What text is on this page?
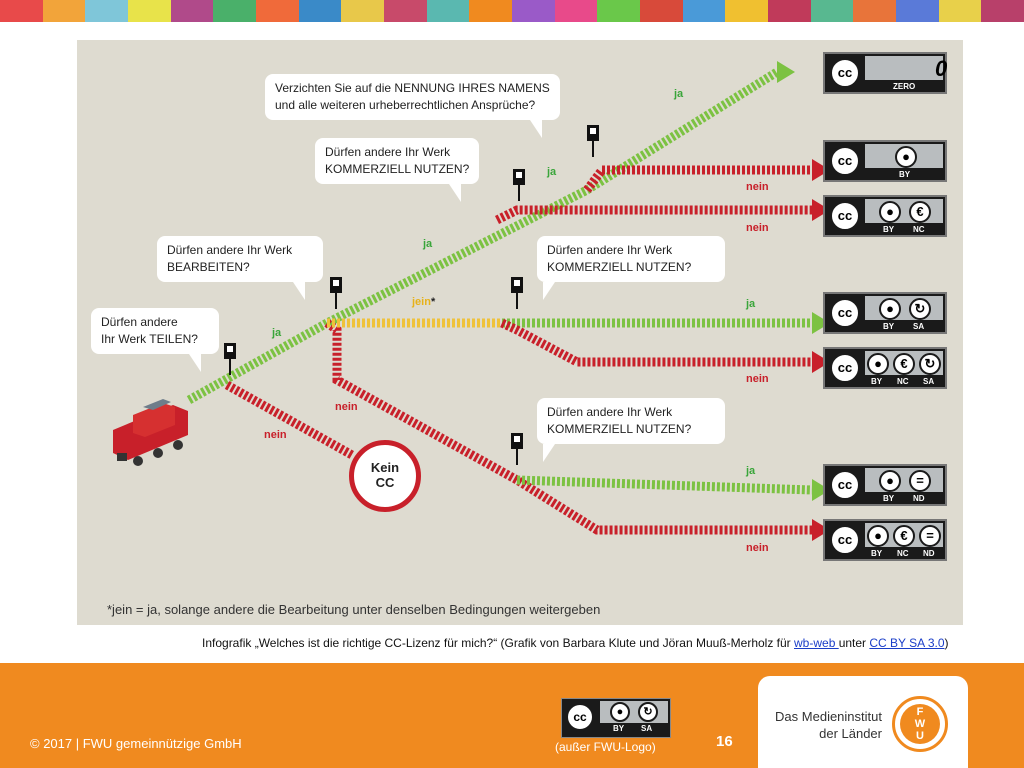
Verzichten Sie auf die NENNUNG IHRES NAMENS
und alle weiteren urheberrechtlichen Ansprüche?
Dürfen andere Ihr Werk
KOMMERZIELL NUTZEN?
Dürfen andere Ihr Werk
BEARBEITEN?
Dürfen andere Ihr Werk
KOMMERZIELL NUTZEN?
Dürfen andere
Ihr Werk TEILEN?
Dürfen andere Ihr Werk
KOMMERZIELL NUTZEN?
ja
nein
ja
jein*
nein
ja
ja
nein
nein
ja
nein
ja
nein
Kein
CC
cc	0
ZERO
cc	●
BY
cc	●	€
BY NC
cc	●	↻
BY SA
cc	●	€	↻
BY NC SA
cc	●	=
BY ND
cc	●	€	=
BY NC ND
*jein = ja, solange andere die Bearbeitung unter denselben Bedingungen weitergeben
Infografik „Welches ist die richtige CC-Lizenz für mich?“ (Grafik von Barbara Klute und Jöran Muuß-Merholz für wb-web unter CC BY SA 3.0)
© 2017 | FWU gemeinnützige GmbH
cc	●	↻
BY SA
(außer FWU-Logo)	16
Das Medieninstitut
der Länder
F
W
U
